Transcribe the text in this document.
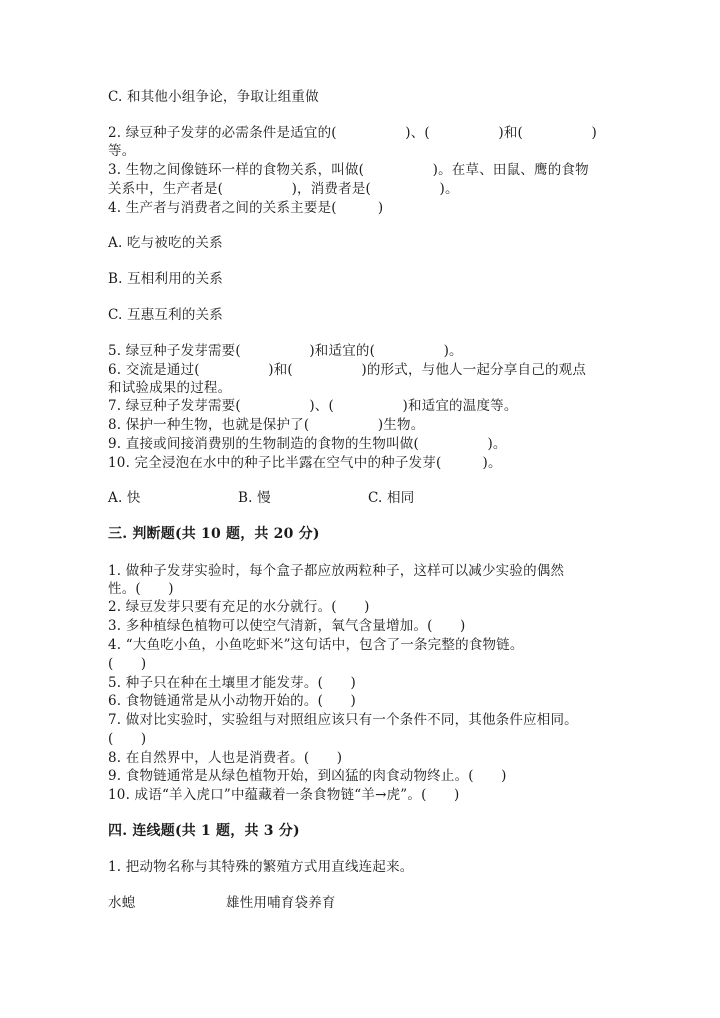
C. 和其他小组争论，争取让组重做
2. 绿豆种子发芽的必需条件是适宜的(　　　　　)、(　　　　　)和(　　　　　)
等。
3. 生物之间像链环一样的食物关系，叫做(　　　　　)。在草、田鼠、鹰的食物
关系中，生产者是(　　　　　)，消费者是(　　　　　)。
4. 生产者与消费者之间的关系主要是(　　　)
A. 吃与被吃的关系
B. 互相利用的关系
C. 互惠互利的关系
5. 绿豆种子发芽需要(　　　　　)和适宜的(　　　　　)。
6. 交流是通过(　　　　　)和(　　　　　)的形式，与他人一起分享自己的观点
和试验成果的过程。
7. 绿豆种子发芽需要(　　　　　)、(　　　　　)和适宜的温度等。
8. 保护一种生物，也就是保护了(　　　　　)生物。
9. 直接或间接消费别的生物制造的食物的生物叫做(　　　　　)。
10. 完全浸泡在水中的种子比半露在空气中的种子发芽(　　　)。
A. 快	B. 慢	C. 相同
三. 判断题(共 10 题，共 20 分)
1. 做种子发芽实验时，每个盒子都应放两粒种子，这样可以减少实验的偶然
性。(　　)
2. 绿豆发芽只要有充足的水分就行。(　　)
3. 多种植绿色植物可以使空气清新，氧气含量增加。(　　)
4. “大鱼吃小鱼，小鱼吃虾米”这句话中，包含了一条完整的食物链。
(　　)
5. 种子只在种在土壤里才能发芽。(　　)
6. 食物链通常是从小动物开始的。(　　)
7. 做对比实验时，实验组与对照组应该只有一个条件不同，其他条件应相同。
(　　)
8. 在自然界中，人也是消费者。(　　)
9. 食物链通常是从绿色植物开始，到凶猛的肉食动物终止。(　　)
10. 成语“羊入虎口”中蕴藏着一条食物链“羊→虎”。(　　)
四. 连线题(共 1 题，共 3 分)
1. 把动物名称与其特殊的繁殖方式用直线连起来。
水螅	雄性用哺育袋养育
